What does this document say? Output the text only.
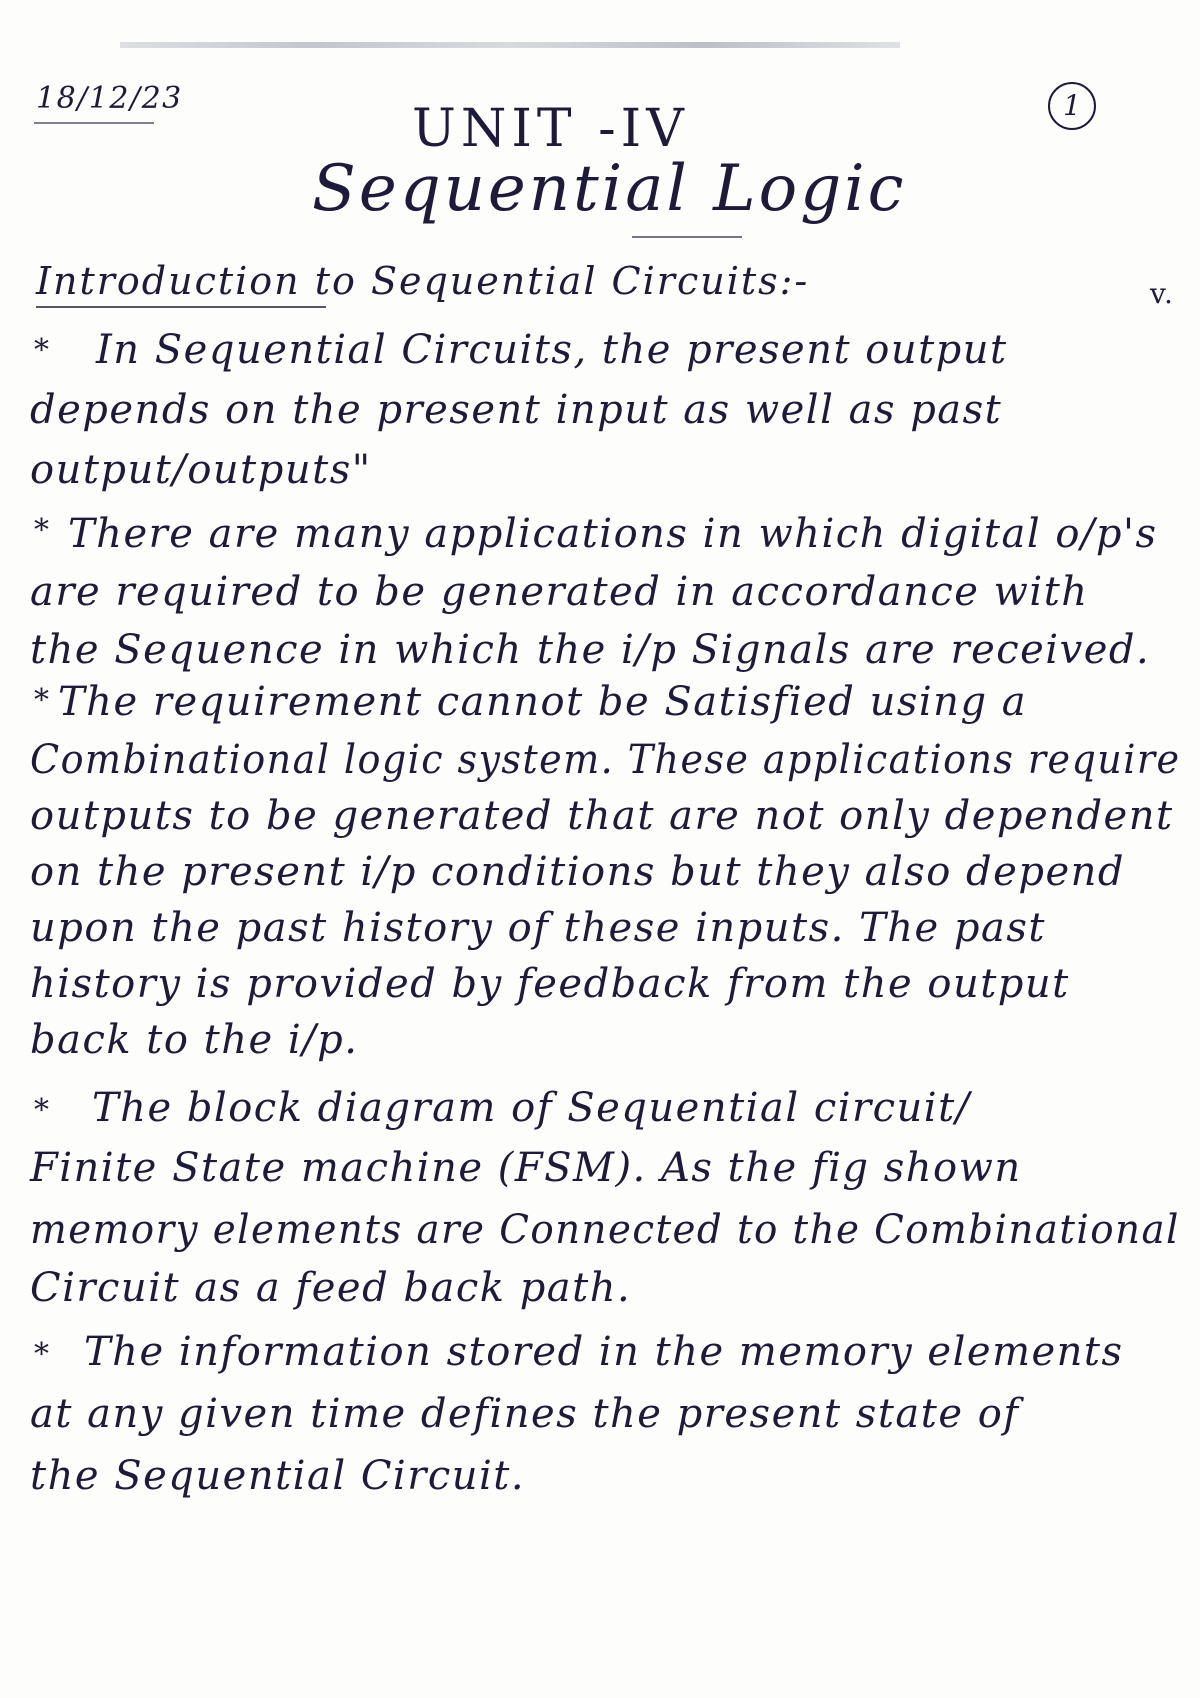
18/12/23	1
UNIT -IV
Sequential Logic
Introduction to Sequential Circuits:-	v.
* In Sequential Circuits, the present output
depends on the present input as well as past
output/outputs"
* There are many applications in which digital o/p's
are required to be generated in accordance with
the Sequence in which the i/p Signals are received.
* The requirement cannot be Satisfied using a
Combinational logic system. These applications require
outputs to be generated that are not only dependent
on the present i/p conditions but they also depend
upon the past history of these inputs. The past
history is provided by feedback from the output
back to the i/p.
* The block diagram of Sequential circuit/
Finite State machine (FSM). As the fig shown
memory elements are Connected to the Combinational
Circuit as a feed back path.
* The information stored in the memory elements
at any given time defines the present state of
the Sequential Circuit.
